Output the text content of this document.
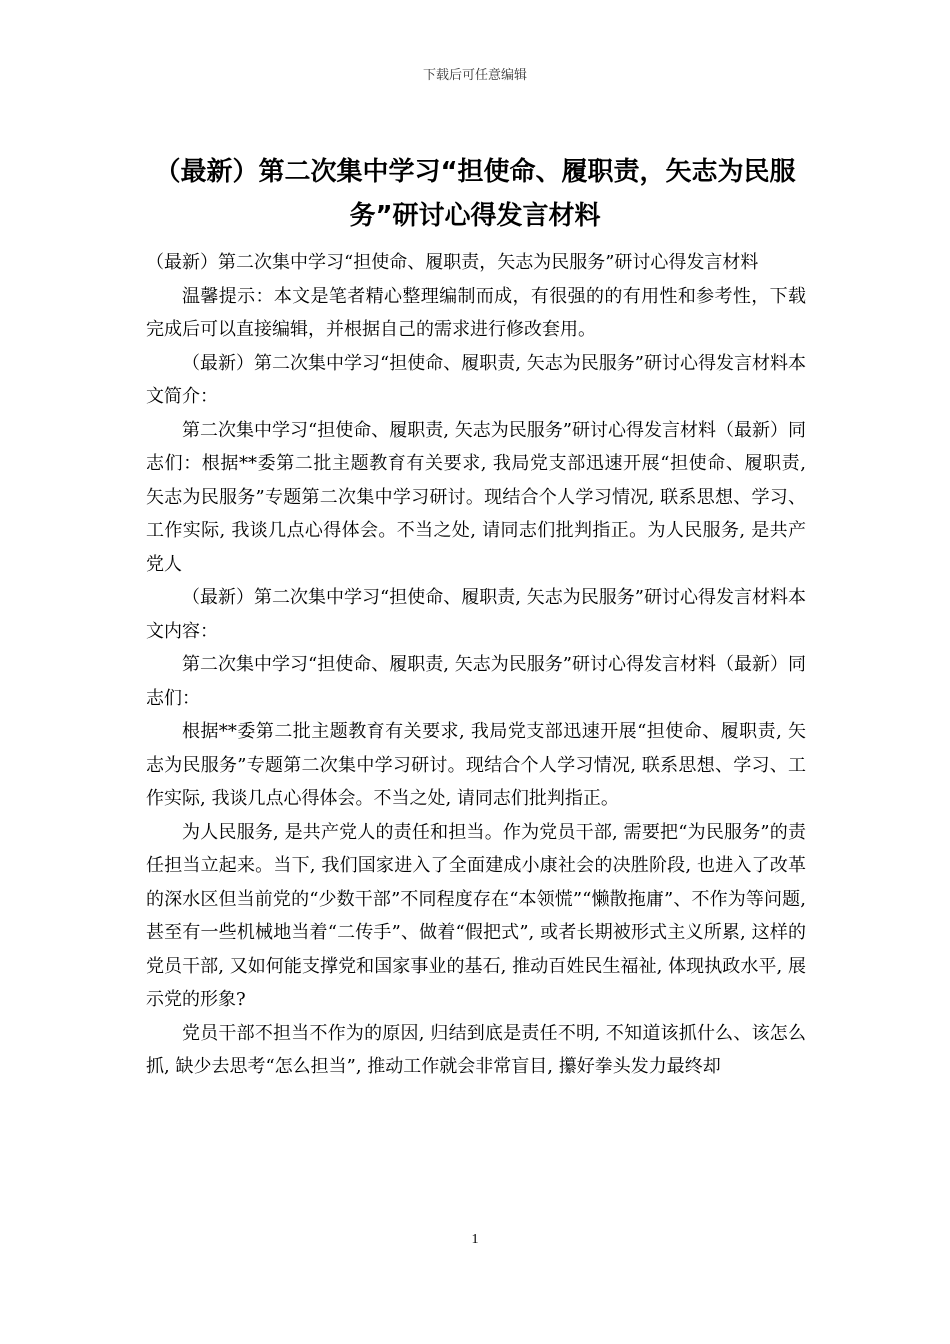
下载后可任意编辑
（最新）第二次集中学习“担使命、履职责，矢志为民服务”研讨心得发言材料

（最新）第二次集中学习“担使命、履职责，矢志为民服务”研讨心得发言材料

温馨提示：本文是笔者精心整理编制而成，有很强的的有用性和参考性，下载完成后可以直接编辑，并根据自己的需求进行修改套用。

（最新）第二次集中学习“担使命、履职责, 矢志为民服务”研讨心得发言材料本文简介：

第二次集中学习“担使命、履职责, 矢志为民服务”研讨心得发言材料（最新）同志们：根据**委第二批主题教育有关要求, 我局党支部迅速开展“担使命、履职责, 矢志为民服务”专题第二次集中学习研讨。现结合个人学习情况, 联系思想、学习、工作实际, 我谈几点心得体会。不当之处, 请同志们批判指正。为人民服务, 是共产党人

（最新）第二次集中学习“担使命、履职责, 矢志为民服务”研讨心得发言材料本文内容：

第二次集中学习“担使命、履职责, 矢志为民服务”研讨心得发言材料（最新）同志们：

根据**委第二批主题教育有关要求, 我局党支部迅速开展“担使命、履职责, 矢志为民服务”专题第二次集中学习研讨。现结合个人学习情况, 联系思想、学习、工作实际, 我谈几点心得体会。不当之处, 请同志们批判指正。

为人民服务, 是共产党人的责任和担当。作为党员干部, 需要把“为民服务”的责任担当立起来。当下, 我们国家进入了全面建成小康社会的决胜阶段, 也进入了改革的深水区但当前党的“少数干部”不同程度存在“本领慌”“懒散拖庸”、不作为等问题, 甚至有一些机械地当着“二传手”、做着“假把式”, 或者长期被形式主义所累, 这样的党员干部, 又如何能支撑党和国家事业的基石, 推动百姓民生福祉, 体现执政水平, 展示党的形象?

党员干部不担当不作为的原因, 归结到底是责任不明, 不知道该抓什么、该怎么抓, 缺少去思考“怎么担当”, 推动工作就会非常盲目, 攥好拳头发力最终却

1
